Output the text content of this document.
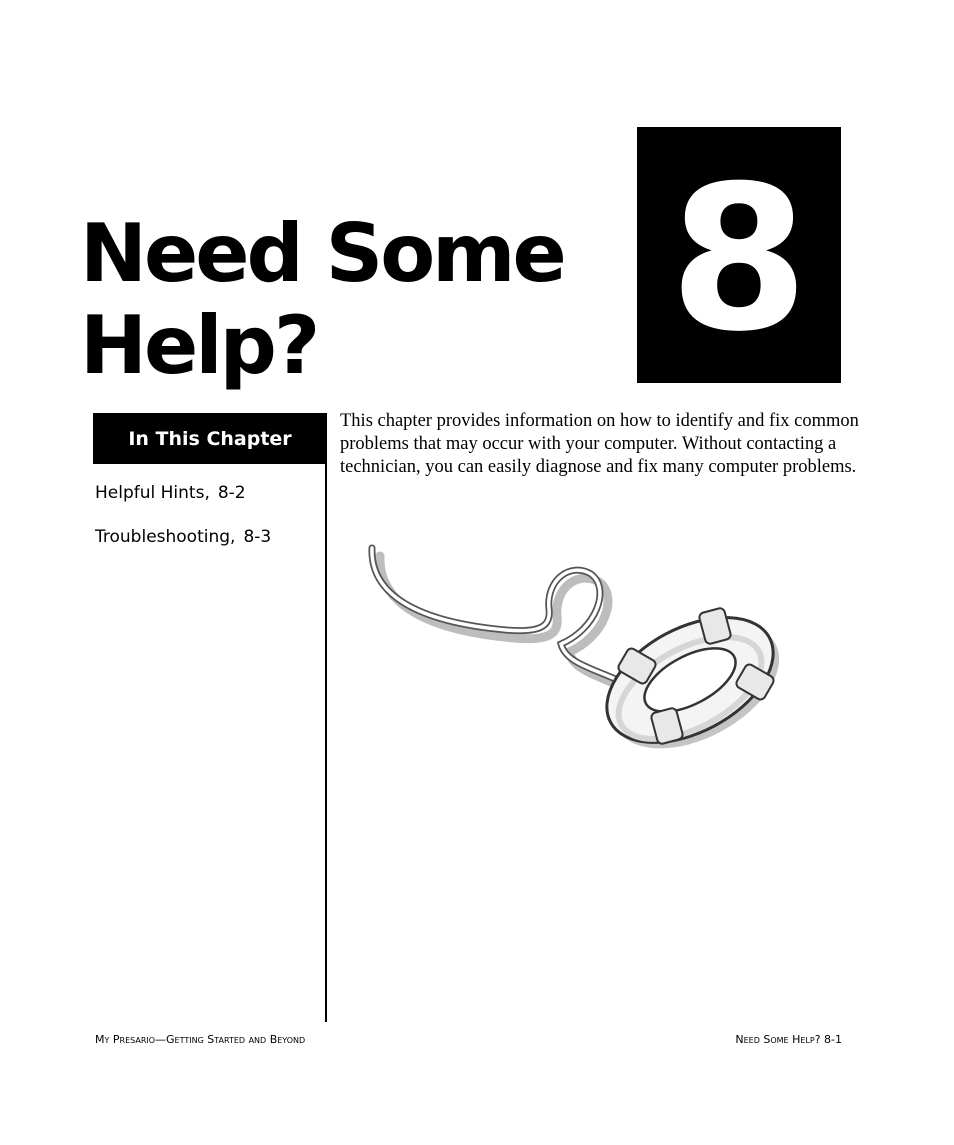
Need Some
Help?	8
In This Chapter
Helpful Hints, 8-2
Troubleshooting, 8-3

This chapter provides information on how to identify and fix common problems that may occur with your computer. Without contacting a technician, you can easily diagnose and fix many computer problems.

My Presario—Getting Started and Beyond	Need Some Help? 8-1
